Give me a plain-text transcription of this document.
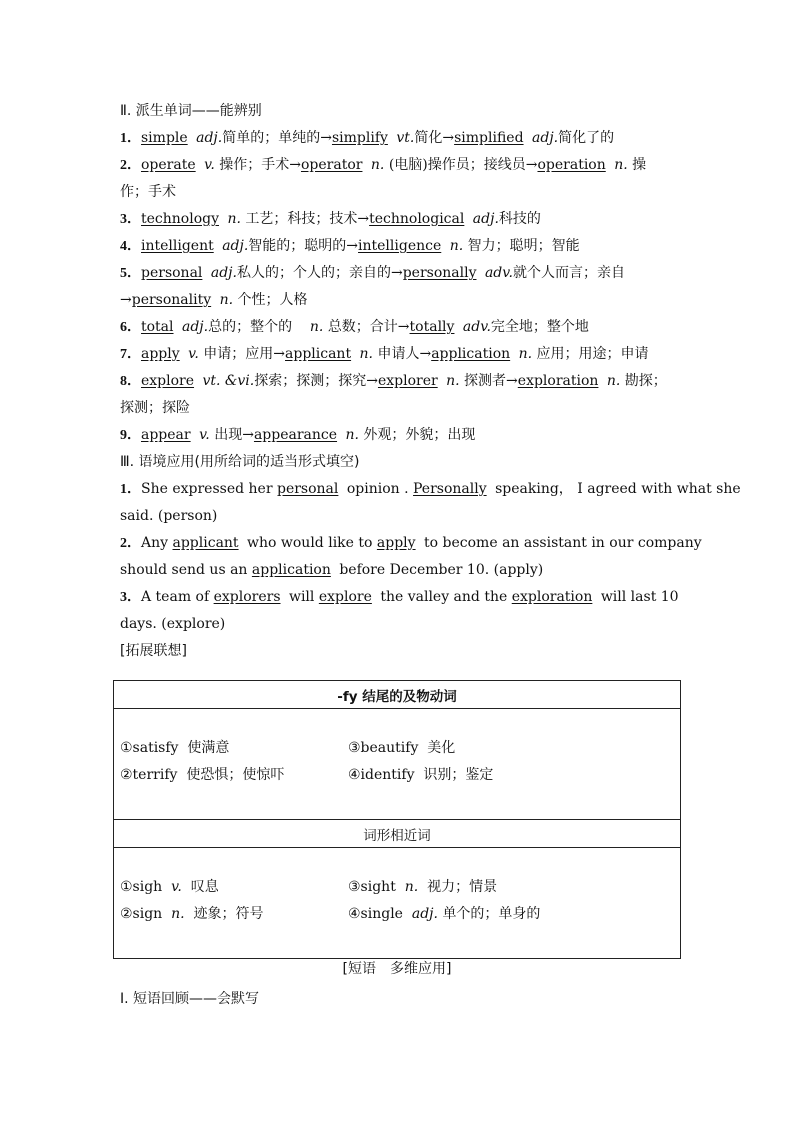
Ⅱ. 派生单词——能辨别
1．simple adj.简单的；单纯的→simplify vt.简化→simplified adj.简化了的
2．operate v. 操作；手术→operator n. (电脑)操作员；接线员→operation n. 操
作；手术
3．technology n. 工艺；科技；技术→technological adj.科技的
4．intelligent adj.智能的；聪明的→intelligence n. 智力；聪明；智能
5．personal adj.私人的；个人的；亲自的→personally adv.就个人而言；亲自
→personality n. 个性；人格
6．total adj.总的；整个的 n. 总数；合计→totally adv.完全地；整个地
7．apply v. 申请；应用→applicant n. 申请人→application n. 应用；用途；申请
8．explore vt. &vi.探索；探测；探究→explorer n. 探测者→exploration n. 勘探；
探测；探险
9．appear v. 出现→appearance n. 外观；外貌；出现
Ⅲ. 语境应用(用所给词的适当形式填空)
1．She expressed her personal opinion . Personally speaking， I agreed with what she
said. (person)
2．Any applicant who would like to apply to become an assistant in our company
should send us an application before December 10. (apply)
3．A team of explorers will explore the valley and the exploration will last 10
days. (explore)
[拓展联想]
-fy 结尾的及物动词

①satisfy 使满意	③beautify 美化
②terrify 使恐惧；使惊吓	④identify 识别；鉴定

词形相近词

①sigh v. 叹息	③sight n. 视力；情景
②sign n. 迹象；符号	④single adj. 单个的；单身的
[短语　多维应用]
Ⅰ. 短语回顾——会默写
